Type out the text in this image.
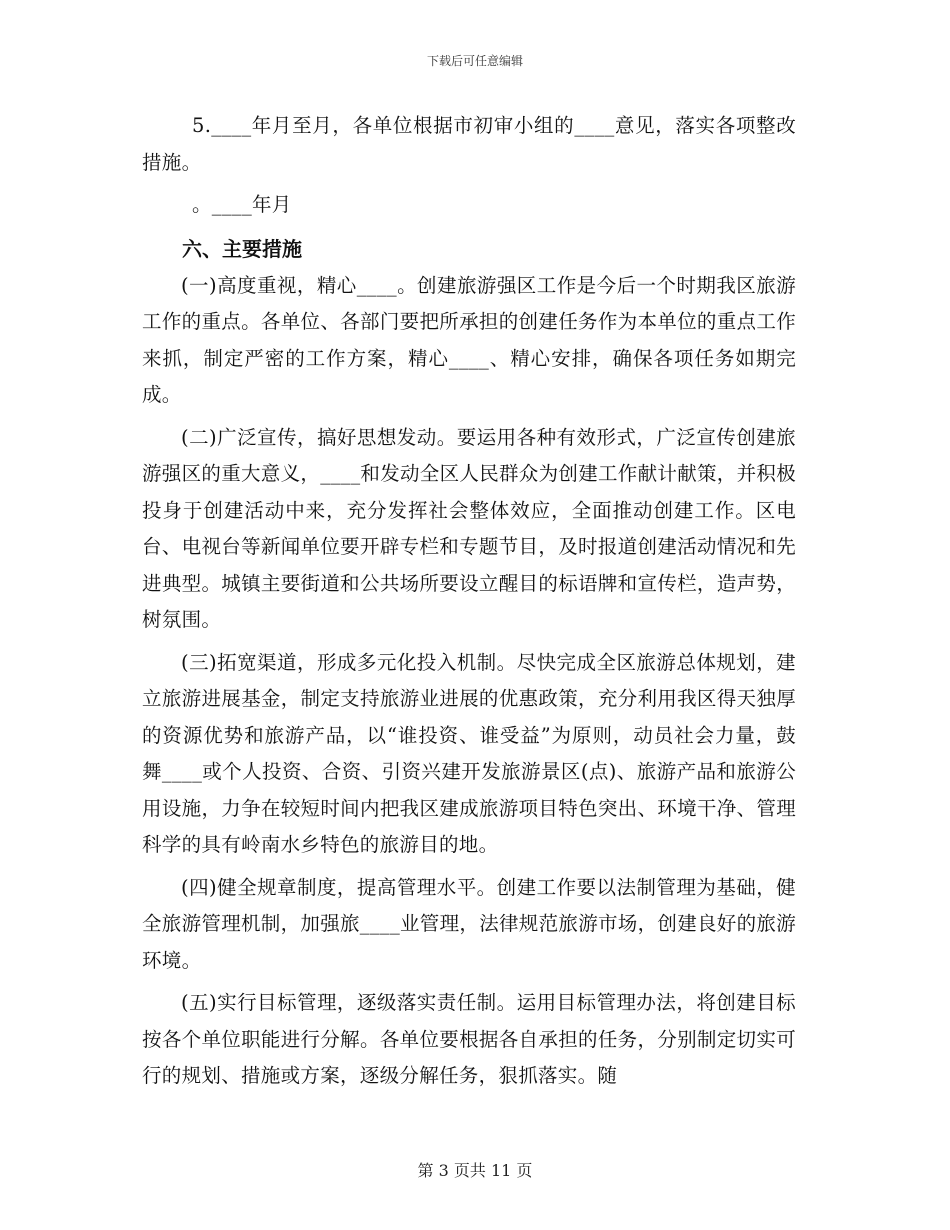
下载后可任意编辑

5.____年月至月，各单位根据市初审小组的____意见，落实各项整改措施。

。____年月

六、主要措施

(一)高度重视，精心____。创建旅游强区工作是今后一个时期我区旅游工作的重点。各单位、各部门要把所承担的创建任务作为本单位的重点工作来抓，制定严密的工作方案，精心____、精心安排，确保各项任务如期完成。

(二)广泛宣传，搞好思想发动。要运用各种有效形式，广泛宣传创建旅游强区的重大意义，____和发动全区人民群众为创建工作献计献策，并积极投身于创建活动中来，充分发挥社会整体效应，全面推动创建工作。区电台、电视台等新闻单位要开辟专栏和专题节目，及时报道创建活动情况和先进典型。城镇主要街道和公共场所要设立醒目的标语牌和宣传栏，造声势，树氛围。

(三)拓宽渠道，形成多元化投入机制。尽快完成全区旅游总体规划，建立旅游进展基金，制定支持旅游业进展的优惠政策，充分利用我区得天独厚的资源优势和旅游产品，以“谁投资、谁受益”为原则，动员社会力量，鼓舞____或个人投资、合资、引资兴建开发旅游景区(点)、旅游产品和旅游公用设施，力争在较短时间内把我区建成旅游项目特色突出、环境干净、管理科学的具有岭南水乡特色的旅游目的地。

(四)健全规章制度，提高管理水平。创建工作要以法制管理为基础，健全旅游管理机制，加强旅____业管理，法律规范旅游市场，创建良好的旅游环境。

(五)实行目标管理，逐级落实责任制。运用目标管理办法，将创建目标按各个单位职能进行分解。各单位要根据各自承担的任务，分别制定切实可行的规划、措施或方案，逐级分解任务，狠抓落实。随

第 3 页共 11 页
